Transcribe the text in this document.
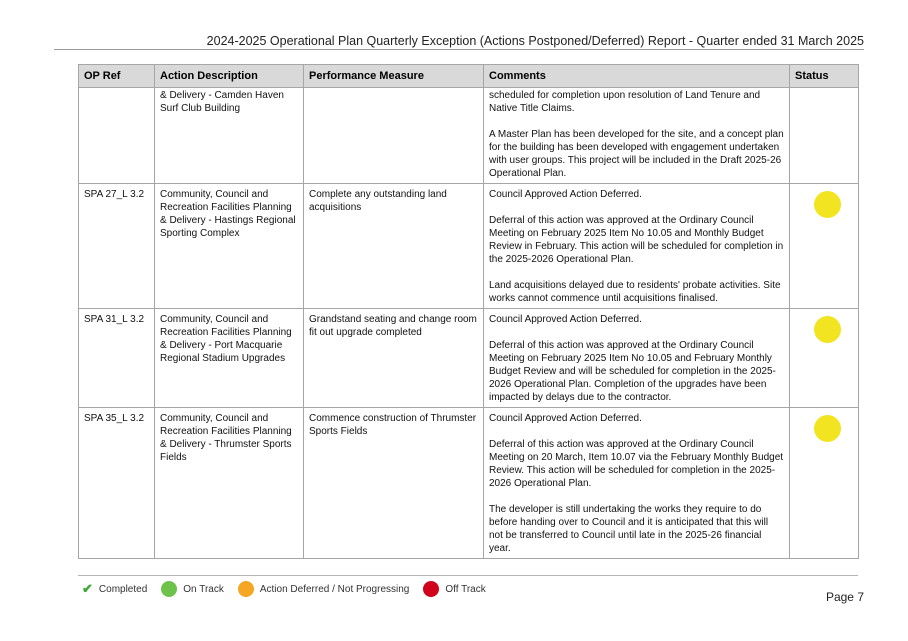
2024-2025 Operational Plan Quarterly Exception (Actions Postponed/Deferred) Report - Quarter ended 31 March 2025
OP Ref	Action Description	Performance Measure	Comments	Status
	& Delivery - Camden Haven Surf Club Building		scheduled for completion upon resolution of Land Tenure and Native Title Claims.

A Master Plan has been developed for the site, and a concept plan for the building has been developed with engagement undertaken with user groups. This project will be included in the Draft 2025-26 Operational Plan.	

SPA 27_L 3.2	Community, Council and Recreation Facilities Planning & Delivery - Hastings Regional Sporting Complex	Complete any outstanding land acquisitions	Council Approved Action Deferred.

Deferral of this action was approved at the Ordinary Council Meeting on February 2025 Item No 10.05 and Monthly Budget Review in February. This action will be scheduled for completion in the 2025-2026 Operational Plan.

Land acquisitions delayed due to residents' probate activities. Site works cannot commence until acquisitions finalised.	

SPA 31_L 3.2	Community, Council and Recreation Facilities Planning & Delivery - Port Macquarie Regional Stadium Upgrades	Grandstand seating and change room fit out upgrade completed	Council Approved Action Deferred.

Deferral of this action was approved at the Ordinary Council Meeting on February 2025 Item No 10.05 and February Monthly Budget Review and will be scheduled for completion in the 2025-2026 Operational Plan. Completion of the upgrades have been impacted by delays due to the contractor.	

SPA 35_L 3.2	Community, Council and Recreation Facilities Planning & Delivery - Thrumster Sports Fields	Commence construction of Thrumster Sports Fields	Council Approved Action Deferred.

Deferral of this action was approved at the Ordinary Council Meeting on 20 March, Item 10.07 via the February Monthly Budget Review. This action will be scheduled for completion in the 2025-2026 Operational Plan.

The developer is still undertaking the works they require to do before handing over to Council and it is anticipated that this will not be transferred to Council until late in the 2025-26 financial year.	

✔ Completed	On Track	Action Deferred / Not Progressing	Off Track
Page 7
